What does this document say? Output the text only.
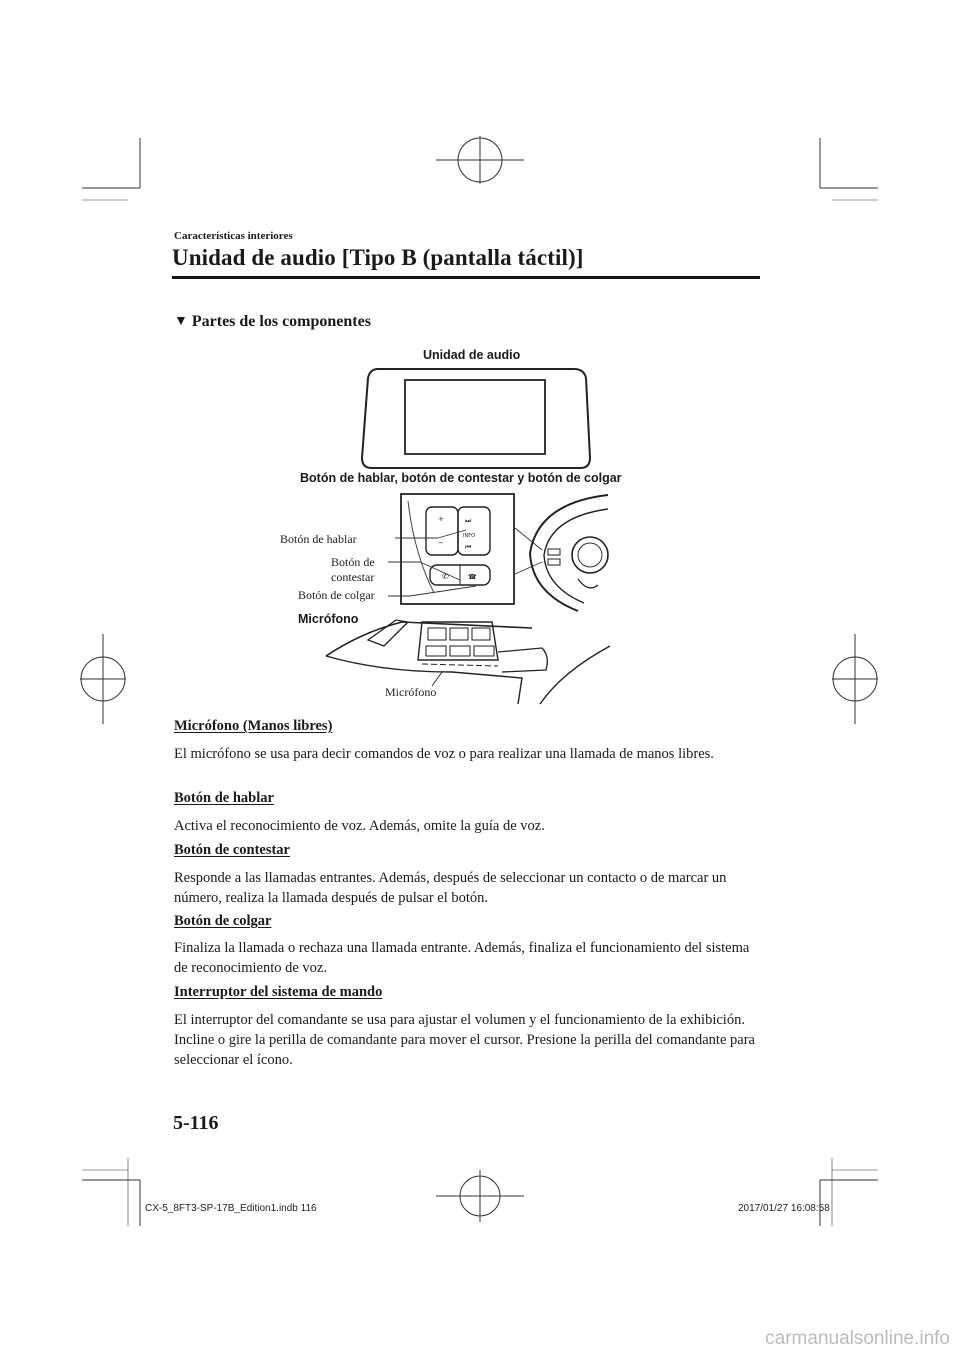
Características interiores
Unidad de audio [Tipo B (pantalla táctil)]
▼ Partes de los componentes
Unidad de audio
Botón de hablar, botón de contestar y botón de colgar
+
−
⏭
⏮
INFO
✆	☎
Botón de hablar
Botón de
contestar
Botón de colgar
Micrófono
Micrófono
Micrófono (Manos libres)
El micrófono se usa para decir comandos de voz o para realizar una llamada de manos libres.
Botón de hablar
Activa el reconocimiento de voz. Además, omite la guía de voz.
Botón de contestar
Responde a las llamadas entrantes. Además, después de seleccionar un contacto o de marcar un número, realiza la llamada después de pulsar el botón.
Botón de colgar
Finaliza la llamada o rechaza una llamada entrante. Además, finaliza el funcionamiento del sistema de reconocimiento de voz.
Interruptor del sistema de mando
El interruptor del comandante se usa para ajustar el volumen y el funcionamiento de la exhibición. Incline o gire la perilla de comandante para mover el cursor. Presione la perilla del comandante para seleccionar el ícono.
5-116
CX-5_8FT3-SP-17B_Edition1.indb 116	2017/01/27 16:08:58
carmanualsonline.info
